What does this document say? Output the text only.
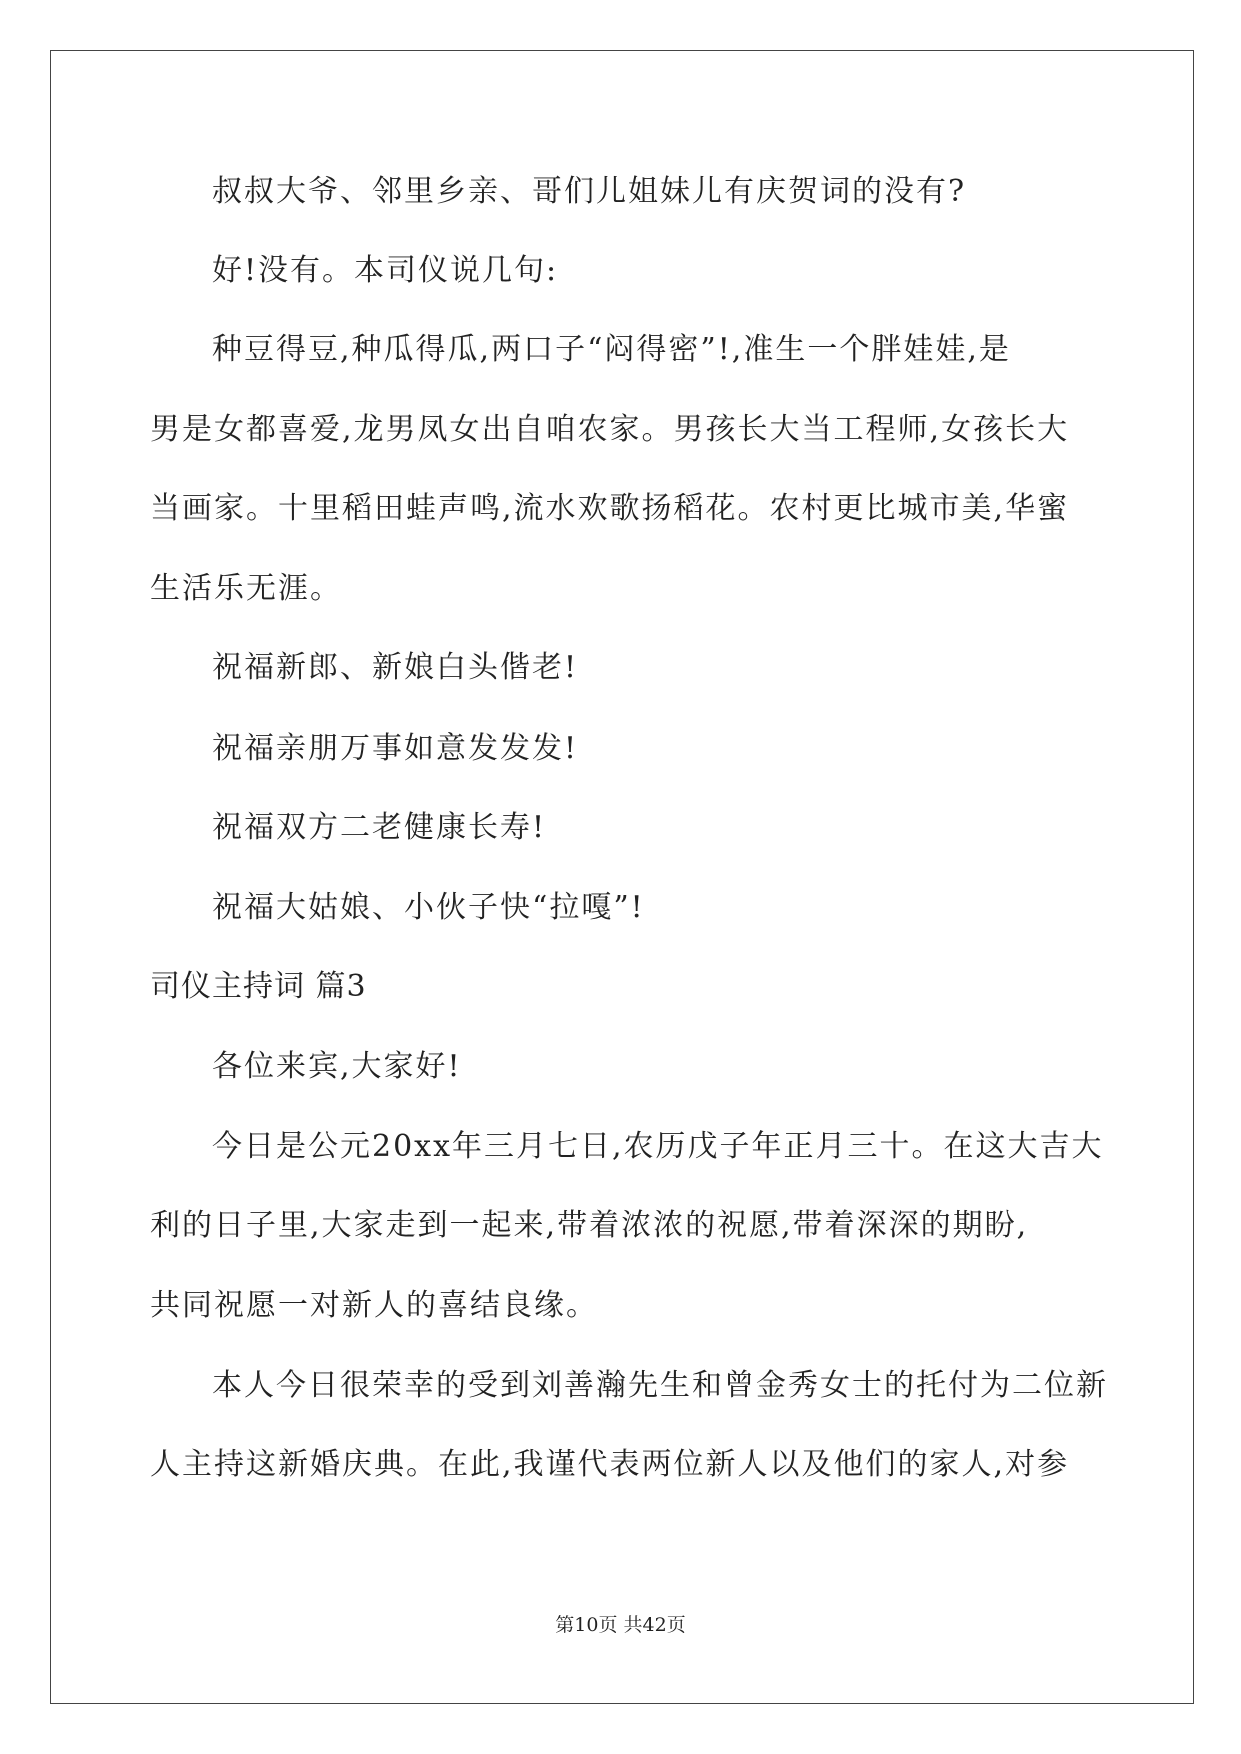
叔叔大爷、邻里乡亲、哥们儿姐妹儿有庆贺词的没有?
好!没有。本司仪说几句:
种豆得豆,种瓜得瓜,两口子“闷得密”!,准生一个胖娃娃,是
男是女都喜爱,龙男凤女出自咱农家。男孩长大当工程师,女孩长大
当画家。十里稻田蛙声鸣,流水欢歌扬稻花。农村更比城市美,华蜜
生活乐无涯。
祝福新郎、新娘白头偕老!
祝福亲朋万事如意发发发!
祝福双方二老健康长寿!
祝福大姑娘、小伙子快“拉嘎”!
司仪主持词 篇3
各位来宾,大家好!
今日是公元20xx年三月七日,农历戊子年正月三十。在这大吉大
利的日子里,大家走到一起来,带着浓浓的祝愿,带着深深的期盼,
共同祝愿一对新人的喜结良缘。
本人今日很荣幸的受到刘善瀚先生和曾金秀女士的托付为二位新
人主持这新婚庆典。在此,我谨代表两位新人以及他们的家人,对参
第10页 共42页
